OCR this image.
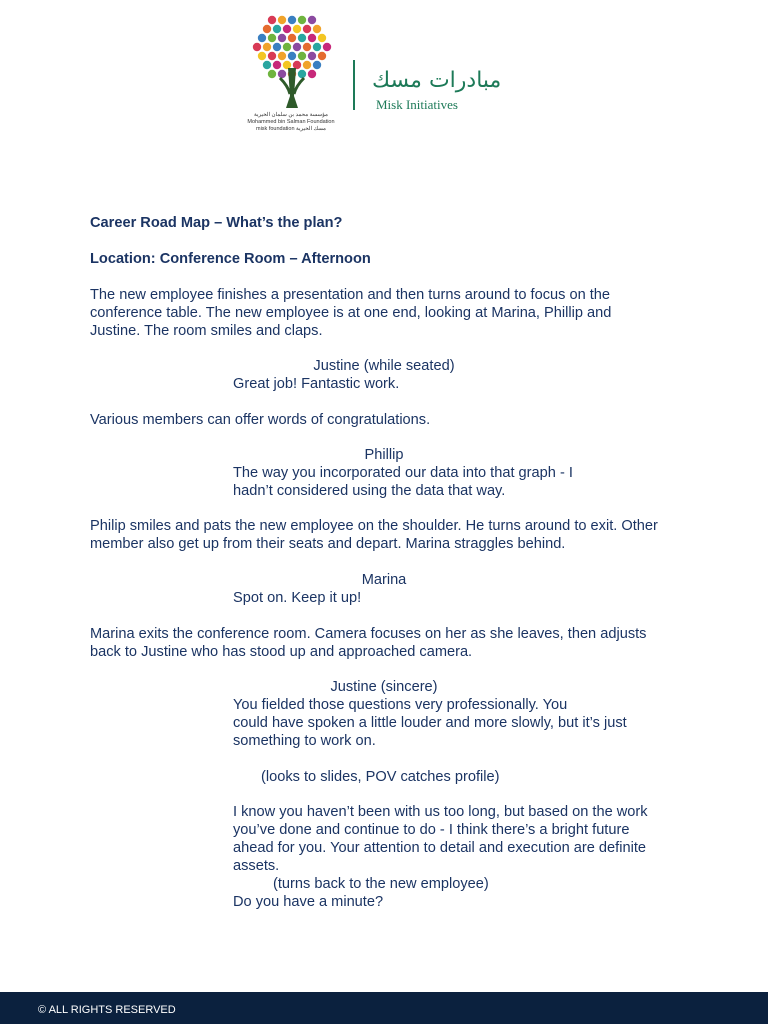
مؤسسة محمد بن سلمان الخيرية
Mohammed bin Salman Foundation
misk foundation مسك الخيرية
مبادرات مسك
Misk Initiatives
Career Road Map – What’s the plan?
Location: Conference Room – Afternoon
The new employee finishes a presentation and then turns around to focus on the
conference table. The new employee is at one end, looking at Marina, Phillip and
Justine. The room smiles and claps.
Justine (while seated)
Great job! Fantastic work.
Various members can offer words of congratulations.
Phillip
The way you incorporated our data into that graph - I
hadn’t considered using the data that way.
Philip smiles and pats the new employee on the shoulder. He turns around to exit. Other
member also get up from their seats and depart. Marina straggles behind.
Marina
Spot on. Keep it up!
Marina exits the conference room. Camera focuses on her as she leaves, then adjusts
back to Justine who has stood up and approached camera.
Justine (sincere)
You fielded those questions very professionally. You
could have spoken a little louder and more slowly, but it’s just
something to work on.
(looks to slides, POV catches profile)
I know you haven’t been with us too long, but based on the work
you’ve done and continue to do - I think there’s a bright future
ahead for you. Your attention to detail and execution are definite
assets.
(turns back to the new employee)
Do you have a minute?
© ALL RIGHTS RESERVED
